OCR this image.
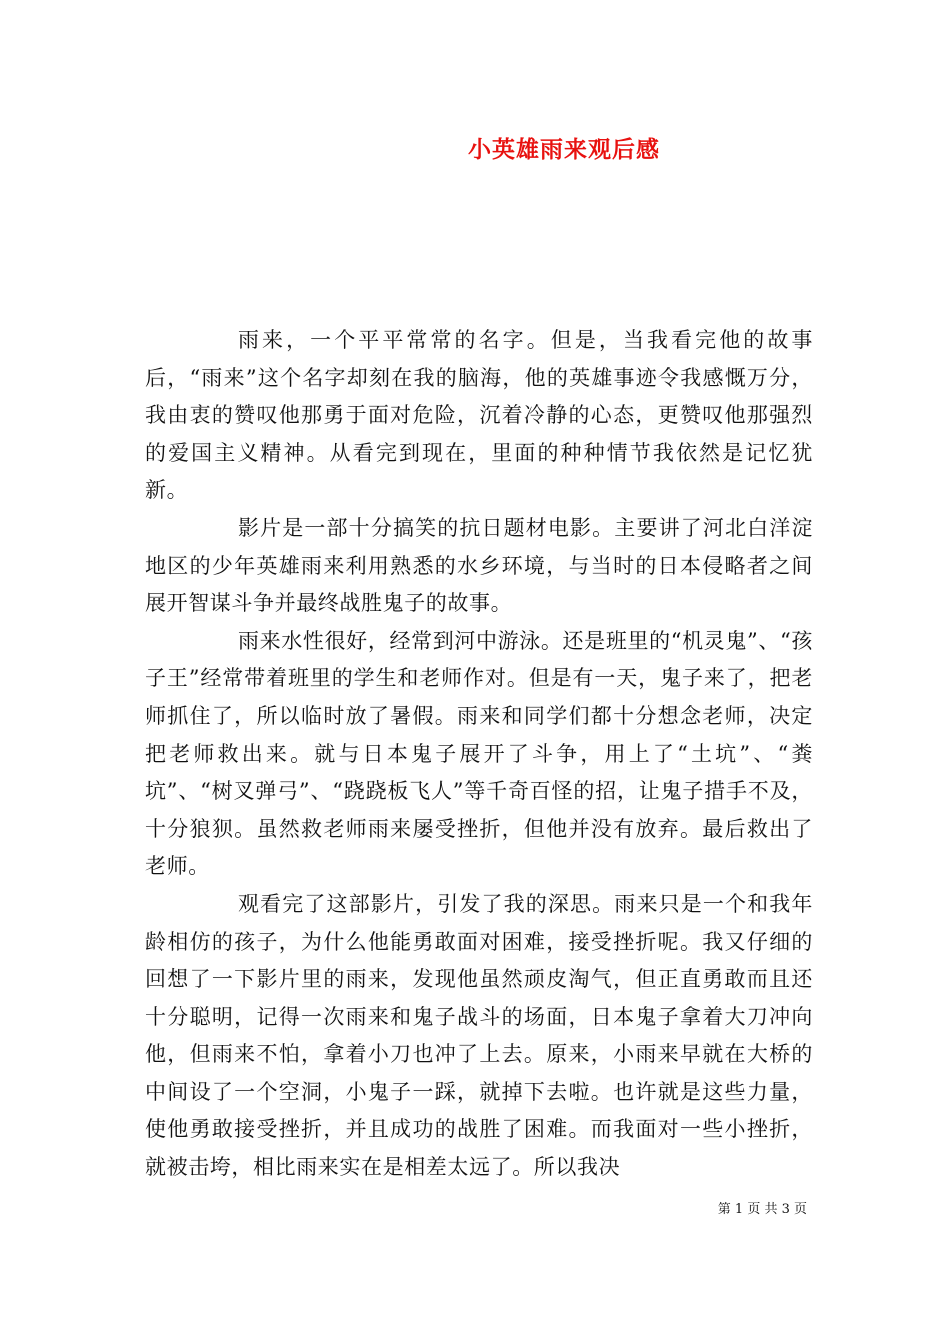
小英雄雨来观后感

雨来，一个平平常常的名字。但是，当我看完他的故事后，“雨来”这个名字却刻在我的脑海，他的英雄事迹令我感慨万分，我由衷的赞叹他那勇于面对危险，沉着冷静的心态，更赞叹他那强烈的爱国主义精神。从看完到现在，里面的种种情节我依然是记忆犹新。

影片是一部十分搞笑的抗日题材电影。主要讲了河北白洋淀地区的少年英雄雨来利用熟悉的水乡环境，与当时的日本侵略者之间展开智谋斗争并最终战胜鬼子的故事。

雨来水性很好，经常到河中游泳。还是班里的“机灵鬼”、“孩子王”经常带着班里的学生和老师作对。但是有一天，鬼子来了，把老师抓住了，所以临时放了暑假。雨来和同学们都十分想念老师，决定把老师救出来。就与日本鬼子展开了斗争，用上了“土坑”、“粪坑”、“树叉弹弓”、“跷跷板飞人”等千奇百怪的招，让鬼子措手不及，十分狼狈。虽然救老师雨来屡受挫折，但他并没有放弃。最后救出了老师。

观看完了这部影片，引发了我的深思。雨来只是一个和我年龄相仿的孩子，为什么他能勇敢面对困难，接受挫折呢。我又仔细的回想了一下影片里的雨来，发现他虽然顽皮淘气，但正直勇敢而且还十分聪明，记得一次雨来和鬼子战斗的场面，日本鬼子拿着大刀冲向他，但雨来不怕，拿着小刀也冲了上去。原来，小雨来早就在大桥的中间设了一个空洞，小鬼子一踩，就掉下去啦。也许就是这些力量，使他勇敢接受挫折，并且成功的战胜了困难。而我面对一些小挫折，就被击垮，相比雨来实在是相差太远了。所以我决

第 1 页 共 3 页
